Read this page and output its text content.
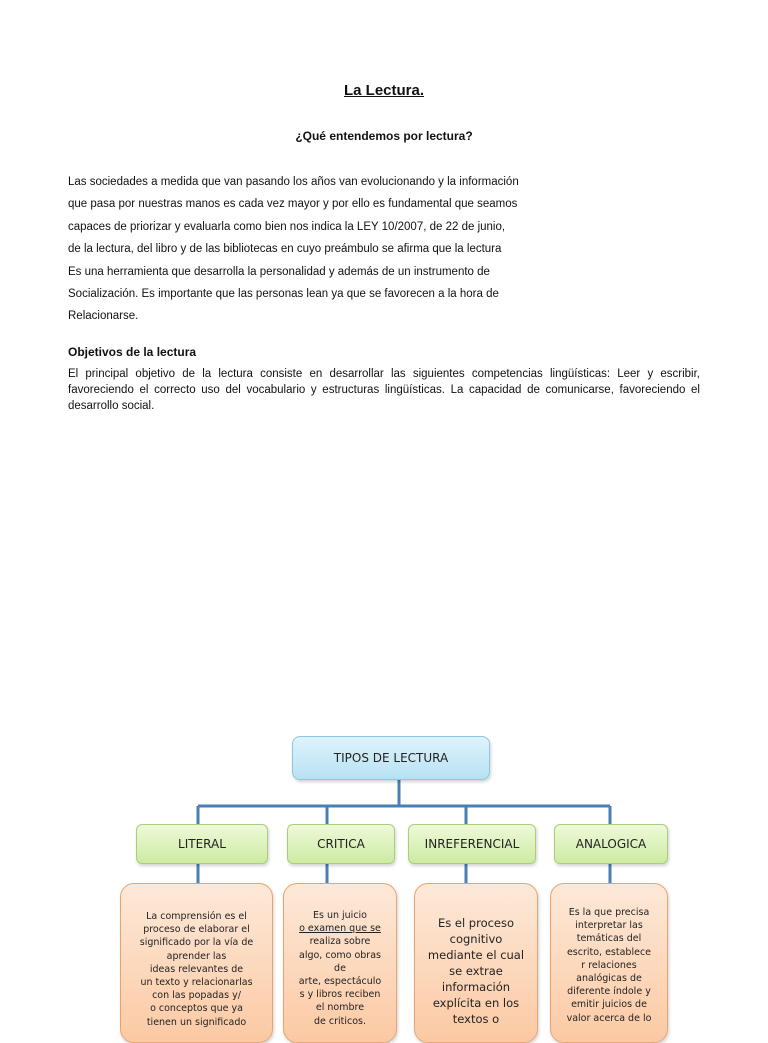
La Lectura.
¿Qué entendemos por lectura?
Las sociedades a medida que van pasando los años van evolucionando y la información
que pasa por nuestras manos es cada vez mayor y por ello es fundamental que seamos
capaces de priorizar y evaluarla como bien nos indica la LEY 10/2007, de 22 de junio,
de la lectura, del libro y de las bibliotecas en cuyo preámbulo se afirma que la lectura
Es una herramienta que desarrolla la personalidad y además de un instrumento de
Socialización. Es importante que las personas lean ya que se favorecen a la hora de
Relacionarse.
Objetivos de la lectura
El principal objetivo de la lectura consiste en desarrollar las siguientes competencias lingüísticas: Leer y escribir, favoreciendo el correcto uso del vocabulario y estructuras lingüísticas. La capacidad de comunicarse, favoreciendo el desarrollo social.
TIPOS DE LECTURA
LITERAL	CRITICA	INREFERENCIAL	ANALOGICA
La comprensión es el
proceso de elaborar el
significado por la vía de
aprender las
ideas relevantes de
un texto y relacionarlas
con las popadas y/
o conceptos que ya
tienen un significado
Es un juicio
o examen que se
realiza sobre
algo, como obras
de
arte, espectáculo
s y libros reciben
el nombre
de criticos.
Es el proceso
cognitivo
mediante el cual
se extrae
información
explícita en los
textos o
Es la que precisa
interpretar las
temáticas del
escrito, establece
r relaciones
analógicas de
diferente índole y
emitir juicios de
valor acerca de lo
